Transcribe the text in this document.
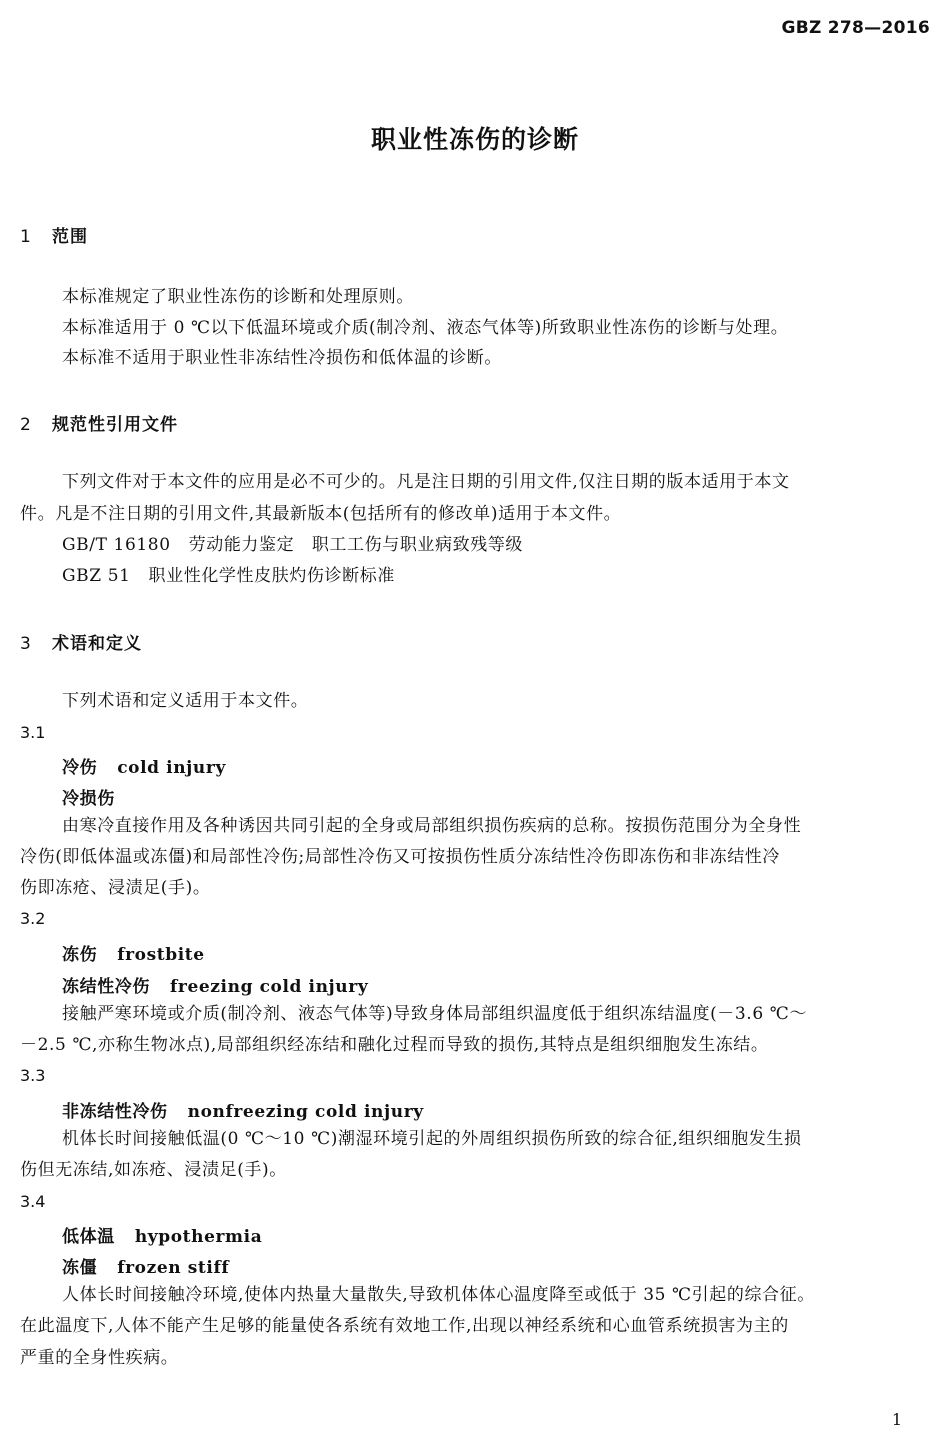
GBZ 278—2016
职业性冻伤的诊断
1 范围
本标准规定了职业性冻伤的诊断和处理原则。
本标准适用于 0 ℃以下低温环境或介质(制冷剂、液态气体等)所致职业性冻伤的诊断与处理。
本标准不适用于职业性非冻结性冷损伤和低体温的诊断。
2 规范性引用文件
下列文件对于本文件的应用是必不可少的。凡是注日期的引用文件,仅注日期的版本适用于本文
件。凡是不注日期的引用文件,其最新版本(包括所有的修改单)适用于本文件。
GB/T 16180 劳动能力鉴定　职工工伤与职业病致残等级
GBZ 51 职业性化学性皮肤灼伤诊断标准
3 术语和定义
下列术语和定义适用于本文件。
3.1
冷伤 cold injury
冷损伤
由寒冷直接作用及各种诱因共同引起的全身或局部组织损伤疾病的总称。按损伤范围分为全身性
冷伤(即低体温或冻僵)和局部性冷伤;局部性冷伤又可按损伤性质分冻结性冷伤即冻伤和非冻结性冷
伤即冻疮、浸渍足(手)。
3.2
冻伤 frostbite
冻结性冷伤 freezing cold injury
接触严寒环境或介质(制冷剂、液态气体等)导致身体局部组织温度低于组织冻结温度(－3.6 ℃～
－2.5 ℃,亦称生物冰点),局部组织经冻结和融化过程而导致的损伤,其特点是组织细胞发生冻结。
3.3
非冻结性冷伤 nonfreezing cold injury
机体长时间接触低温(0 ℃～10 ℃)潮湿环境引起的外周组织损伤所致的综合征,组织细胞发生损
伤但无冻结,如冻疮、浸渍足(手)。
3.4
低体温 hypothermia
冻僵 frozen stiff
人体长时间接触冷环境,使体内热量大量散失,导致机体体心温度降至或低于 35 ℃引起的综合征。
在此温度下,人体不能产生足够的能量使各系统有效地工作,出现以神经系统和心血管系统损害为主的
严重的全身性疾病。
1
